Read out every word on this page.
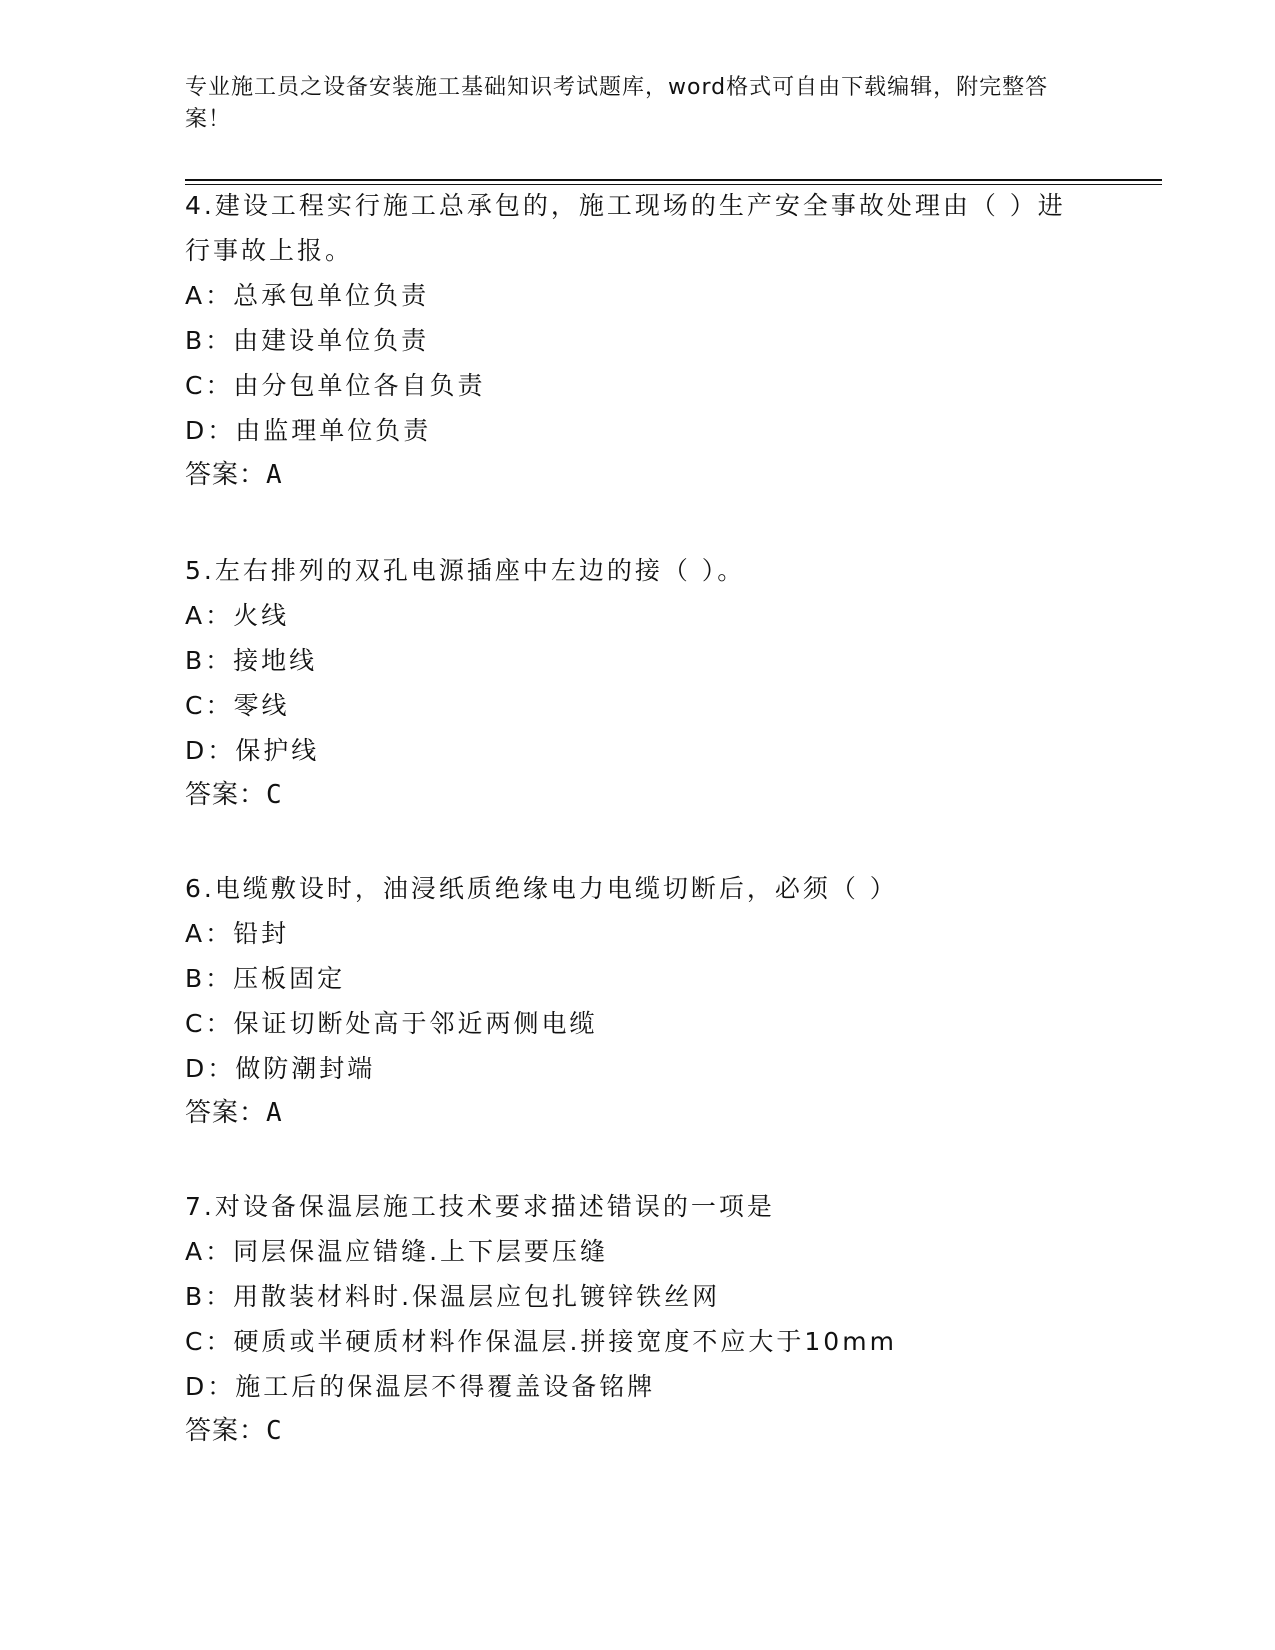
专业施工员之设备安装施工基础知识考试题库，word格式可自由下载编辑，附完整答案！

4.建设工程实行施工总承包的，施工现场的生产安全事故处理由（ ）进行事故上报。

A：总承包单位负责

B：由建设单位负责

C：由分包单位各自负责

D：由监理单位负责

答案：A

5.左右排列的双孔电源插座中左边的接（ ）。

A：火线

B：接地线

C：零线

D：保护线

答案：C

6.电缆敷设时，油浸纸质绝缘电力电缆切断后，必须（ ）

A：铅封

B：压板固定

C：保证切断处高于邻近两侧电缆

D：做防潮封端

答案：A

7.对设备保温层施工技术要求描述错误的一项是

A：同层保温应错缝.上下层要压缝

B：用散装材料时.保温层应包扎镀锌铁丝网

C：硬质或半硬质材料作保温层.拼接宽度不应大于10mm

D：施工后的保温层不得覆盖设备铭牌

答案：C
